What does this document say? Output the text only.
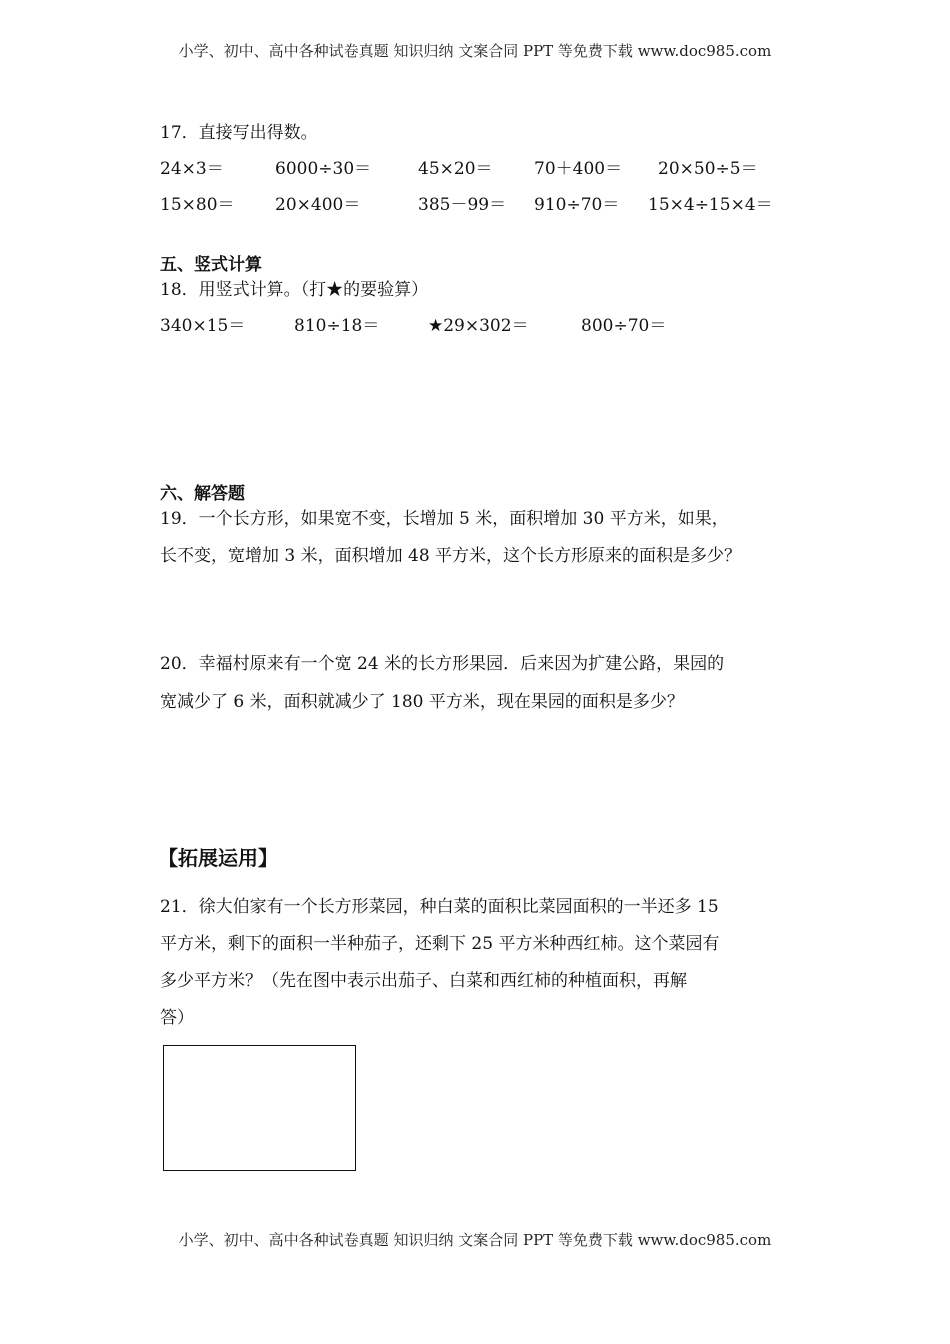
小学、初中、高中各种试卷真题 知识归纳 文案合同 PPT 等免费下载 www.doc985.com
17．直接写出得数。
24×3＝	6000÷30＝	45×20＝ 70＋400＝ 20×50÷5＝
15×80＝ 20×400＝	385－99＝ 910÷70＝ 15×4÷15×4＝
五、竖式计算
18．用竖式计算。（打★的要验算）
340×15＝	810÷18＝	★29×302＝	800÷70＝
六、解答题
19．一个长方形，如果宽不变，长增加 5 米，面积增加 30 平方米，如果，
长不变，宽增加 3 米，面积增加 48 平方米，这个长方形原来的面积是多少？
20．幸福村原来有一个宽 24 米的长方形果园．后来因为扩建公路，果园的
宽减少了 6 米，面积就减少了 180 平方米，现在果园的面积是多少？
【拓展运用】
21．徐大伯家有一个长方形菜园，种白菜的面积比菜园面积的一半还多 15
平方米，剩下的面积一半种茄子，还剩下 25 平方米种西红柿。这个菜园有
多少平方米？（先在图中表示出茄子、白菜和西红柿的种植面积，再解
答）
小学、初中、高中各种试卷真题 知识归纳 文案合同 PPT 等免费下载 www.doc985.com
